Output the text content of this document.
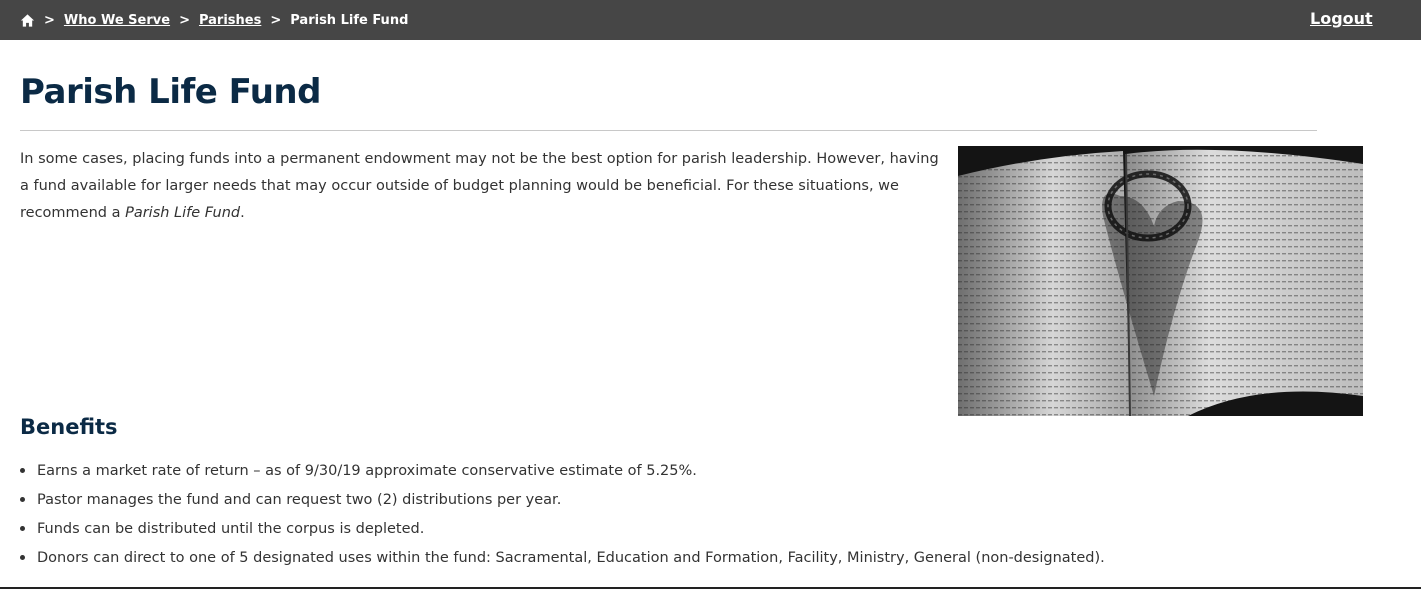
> Who We Serve > Parishes > Parish Life Fund	Logout
Parish Life Fund

In some cases, placing funds into a permanent endowment may not be the best option for parish leadership. However, having a fund available for larger needs that may occur outside of budget planning would be beneficial. For these situations, we recommend a Parish Life Fund.

Benefits
Earns a market rate of return – as of 9/30/19 approximate conservative estimate of 5.25%.
Pastor manages the fund and can request two (2) distributions per year.
Funds can be distributed until the corpus is depleted.
Donors can direct to one of 5 designated uses within the fund: Sacramental, Education and Formation, Facility, Ministry, General (non-designated).
